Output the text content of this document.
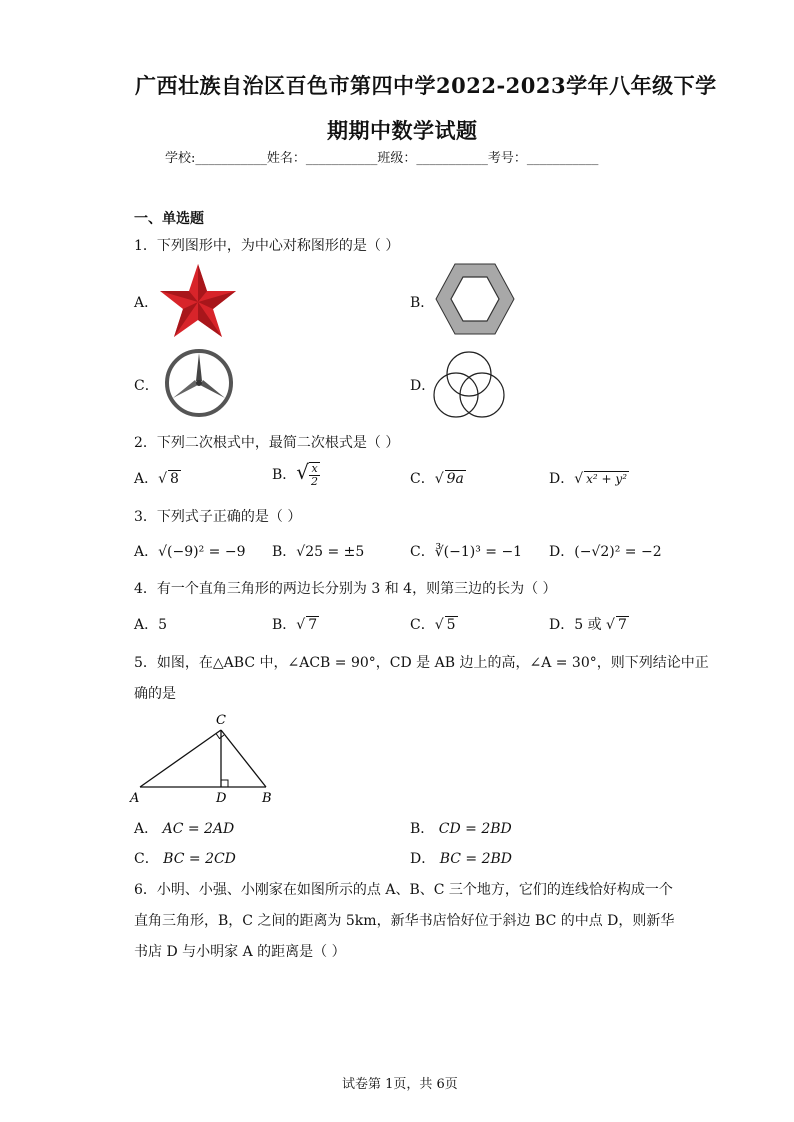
广西壮族自治区百色市第四中学2022-2023学年八年级下学
期期中数学试题
学校:___________姓名：___________班级：___________考号：___________
一、单选题
1．下列图形中，为中心对称图形的是（ ）
A．	B．
C．	D．
2．下列二次根式中，最简二次根式是（ ）
A．√ 8	B．√ $\frac{x}{2}$	C．√ 9a	D．√ x² + y²
3．下列式子正确的是（ ）
A．√(−9)² = −9 B．√25 = ±5	C．∛(−1)³ = −1 D．(−√2)² = −2
4．有一个直角三角形的两边长分别为 3 和 4，则第三边的长为（ ）
A．5	B．√ 7	C．√ 5	D．5 或 √ 7
5．如图，在△ABC 中，∠ACB = 90°，CD 是 AB 边上的高，∠A = 30°，则下列结论中正
确的是
C
A	D	B
A． AC = 2AD	B． CD = 2BD
C． BC = 2CD	D． BC = 2BD
6．小明、小强、小刚家在如图所示的点 A、B、C 三个地方，它们的连线恰好构成一个
直角三角形，B，C 之间的距离为 5km，新华书店恰好位于斜边 BC 的中点 D，则新华
书店 D 与小明家 A 的距离是（ ）
试卷第 1页，共 6页
